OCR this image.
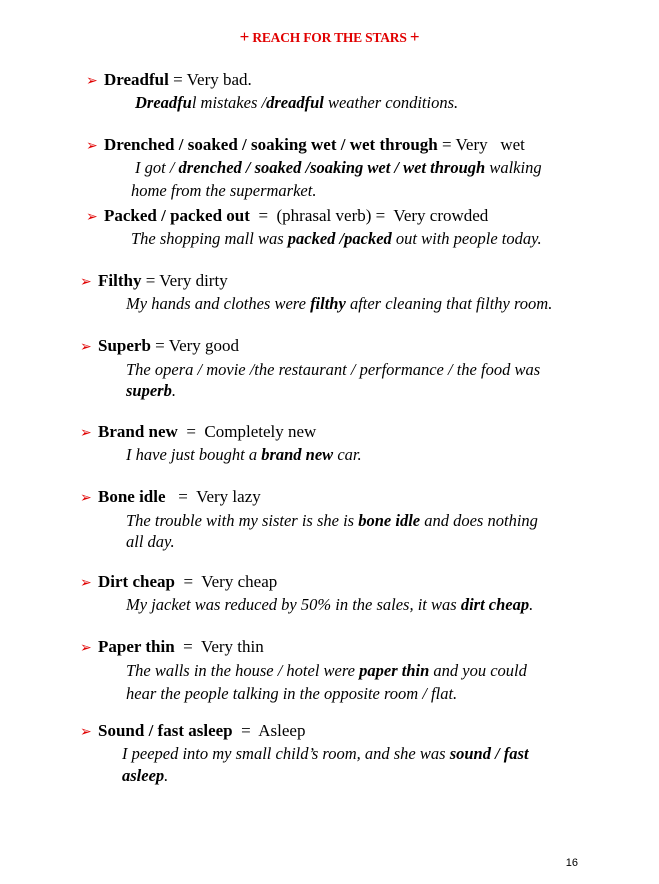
+ REACH FOR THE STARS +
➢ Dreadful = Very bad.
Dreadful mistakes /dreadful weather conditions.
➢ Drenched / soaked / soaking wet / wet through = Very   wet
I got / drenched / soaked /soaking wet / wet through walking
home from the supermarket.
➢ Packed / packed out  =  (phrasal verb) =  Very crowded
The shopping mall was packed /packed out with people today.
➢ Filthy = Very dirty
My hands and clothes were filthy after cleaning that filthy room.
➢ Superb = Very good
The opera / movie /the restaurant / performance / the food was
superb.
➢ Brand new  =  Completely new
I have just bought a brand new car.
➢ Bone idle   =  Very lazy
The trouble with my sister is she is bone idle and does nothing
all day.
➢ Dirt cheap  =  Very cheap
My jacket was reduced by 50% in the sales, it was dirt cheap.
➢ Paper thin  =  Very thin
The walls in the house / hotel were paper thin and you could
hear the people talking in the opposite room / flat.
➢ Sound / fast asleep  =  Asleep
I peeped into my small child’s room, and she was sound / fast
asleep.
16
